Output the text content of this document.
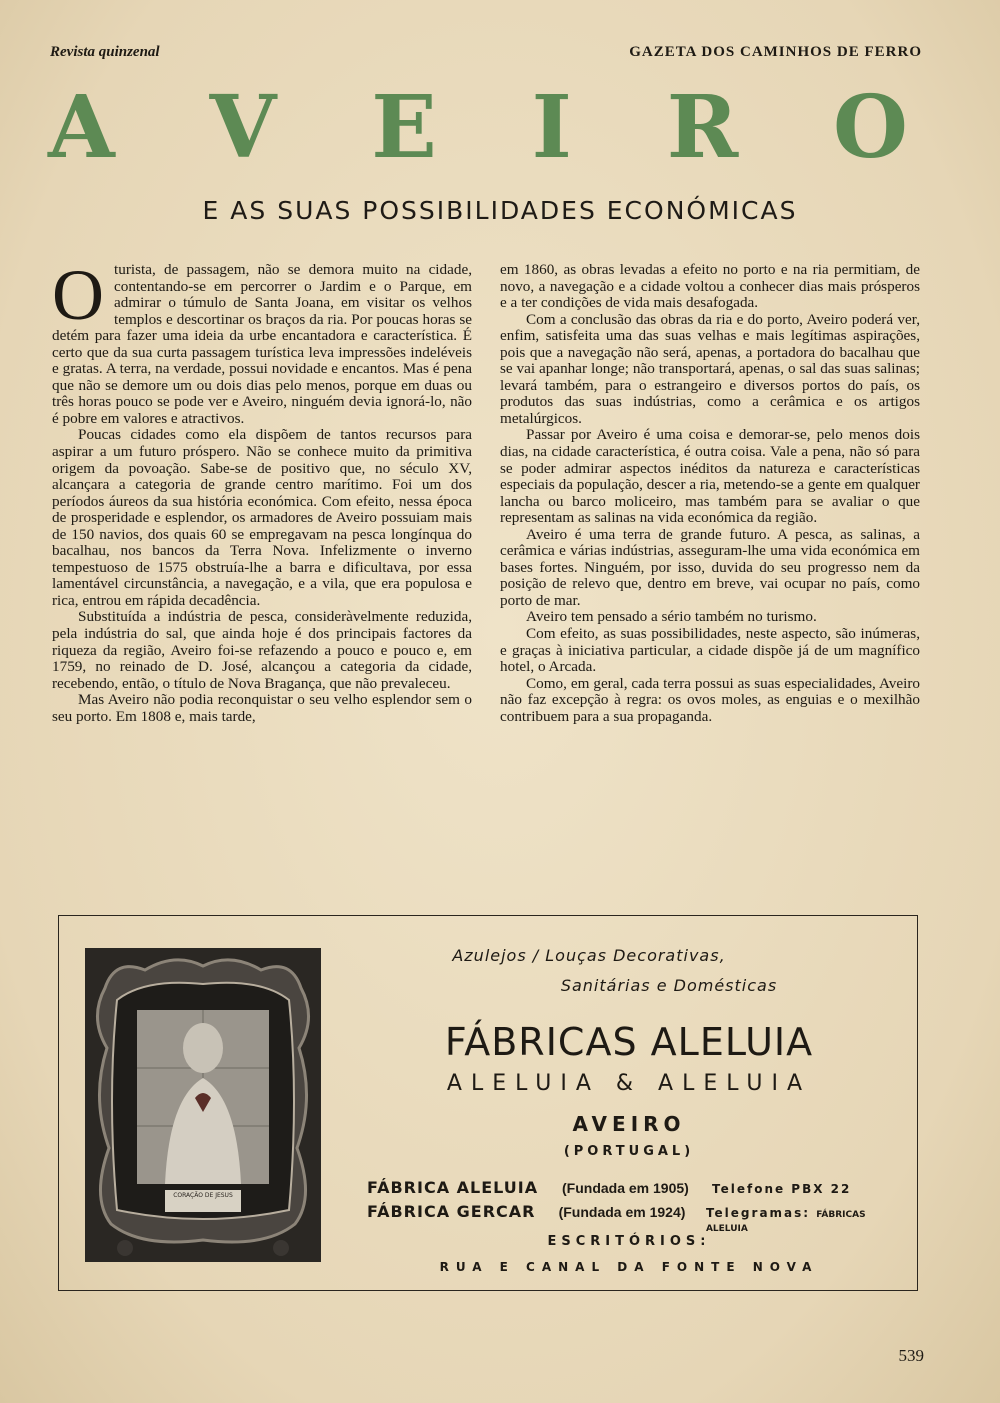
Revista quinzenal	GAZETA DOS CAMINHOS DE FERRO
A V E I R O
E AS SUAS POSSIBILIDADES ECONÓMICAS

Oturista, de passagem, não se demora muito na cidade, contentando-se em percorrer o Jardim e o Parque, em admirar o túmulo de Santa Joana, em visitar os velhos templos e descortinar os braços da ria. Por poucas horas se detém para fazer uma ideia da urbe encantadora e característica. É certo que da sua curta passagem turística leva impressões indeléveis e gratas. A terra, na verdade, possui novidade e encantos. Mas é pena que não se demore um ou dois dias pelo menos, porque em duas ou três horas pouco se pode ver e Aveiro, ninguém devia ignorá-lo, não é pobre em valores e atractivos.

Poucas cidades como ela dispõem de tantos recursos para aspirar a um futuro próspero. Não se conhece muito da primitiva origem da povoação. Sabe-se de positivo que, no século XV, alcançara a categoria de grande centro marítimo. Foi um dos períodos áureos da sua história económica. Com efeito, nessa época de prosperidade e esplendor, os armadores de Aveiro possuiam mais de 150 navios, dos quais 60 se empregavam na pesca longínqua do bacalhau, nos bancos da Terra Nova. Infelizmente o inverno tempestuoso de 1575 obstruía-lhe a barra e dificultava, por essa lamentável circunstância, a navegação, e a vila, que era populosa e rica, entrou em rápida decadência.

Substituída a indústria de pesca, consideràvelmente reduzida, pela indústria do sal, que ainda hoje é dos principais factores da riqueza da região, Aveiro foi-se refazendo a pouco e pouco e, em 1759, no reinado de D. José, alcançou a categoria da cidade, recebendo, então, o título de Nova Bragança, que não prevaleceu.

Mas Aveiro não podia reconquistar o seu velho esplendor sem o seu porto. Em 1808 e, mais tarde,

em 1860, as obras levadas a efeito no porto e na ria permitiam, de novo, a navegação e a cidade voltou a conhecer dias mais prósperos e a ter condições de vida mais desafogada.

Com a conclusão das obras da ria e do porto, Aveiro poderá ver, enfim, satisfeita uma das suas velhas e mais legítimas aspirações, pois que a navegação não será, apenas, a portadora do bacalhau que se vai apanhar longe; não transportará, apenas, o sal das suas salinas; levará também, para o estrangeiro e diversos portos do país, os produtos das suas indústrias, como a cerâmica e os artigos metalúrgicos.

Passar por Aveiro é uma coisa e demorar-se, pelo menos dois dias, na cidade característica, é outra coisa. Vale a pena, não só para se poder admirar aspectos inéditos da natureza e características especiais da população, descer a ria, metendo-se a gente em qualquer lancha ou barco moliceiro, mas também para se avaliar o que representam as salinas na vida económica da região.

Aveiro é uma terra de grande futuro. A pesca, as salinas, a cerâmica e várias indústrias, asseguram-lhe uma vida económica em bases fortes. Ninguém, por isso, duvida do seu progresso nem da posição de relevo que, dentro em breve, vai ocupar no país, como porto de mar.

Aveiro tem pensado a sério também no turismo.

Com efeito, as suas possibilidades, neste aspecto, são inúmeras, e graças à iniciativa particular, a cidade dispõe já de um magnífico hotel, o Arcada.

Como, em geral, cada terra possui as suas especialidades, Aveiro não faz excepção à regra: os ovos moles, as enguias e o mexilhão contribuem para a sua propaganda.

CORAÇÃO DE JESUS
Azulejos / Louças Decorativas,
Sanitárias e Domésticas
FÁBRICAS ALELUIA
ALELUIA & ALELUIA
AVEIRO
(PORTUGAL)
FÁBRICA ALELUIA	(Fundada em 1905)	Telefone PBX 22
FÁBRICA GERCAR	(Fundada em 1924)	Telegramas: FÁBRICAS ALELUIA
ESCRITÓRIOS:
RUA E CANAL DA FONTE NOVA
539
